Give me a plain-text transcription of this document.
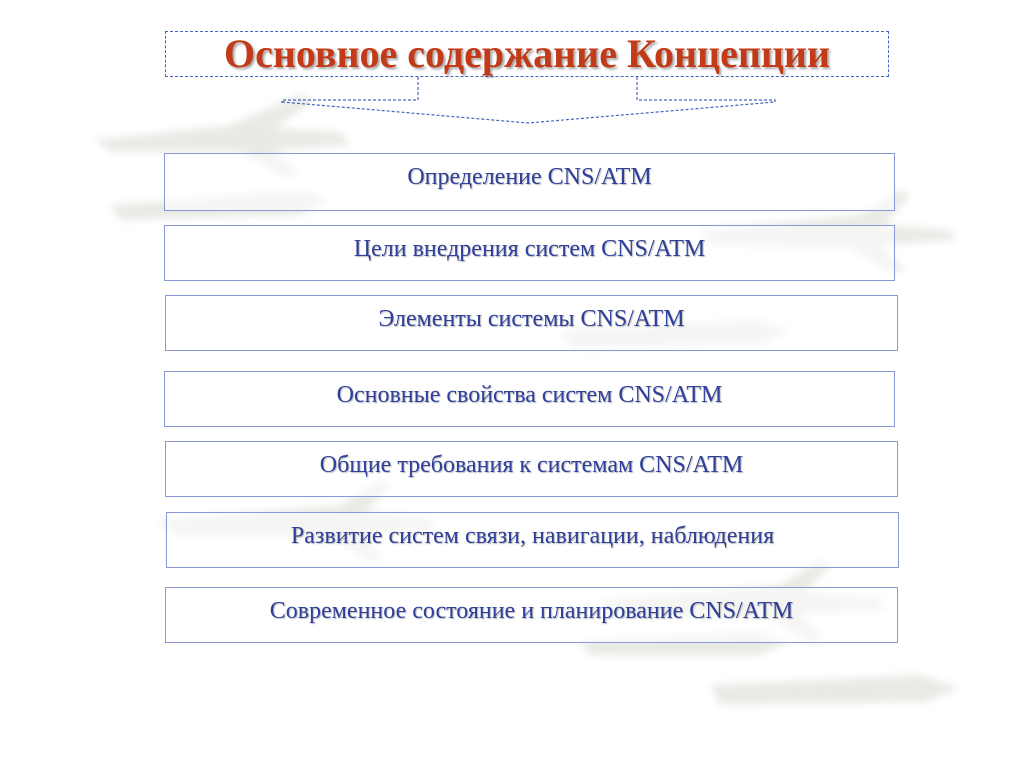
Основное содержание Концепции
Определение CNS/ATM
Цели внедрения систем CNS/ATM
Элементы системы CNS/ATM
Основные свойства систем CNS/ATM
Общие требования к системам CNS/ATM
Развитие систем связи, навигации, наблюдения
Современное состояние и планирование CNS/ATM
